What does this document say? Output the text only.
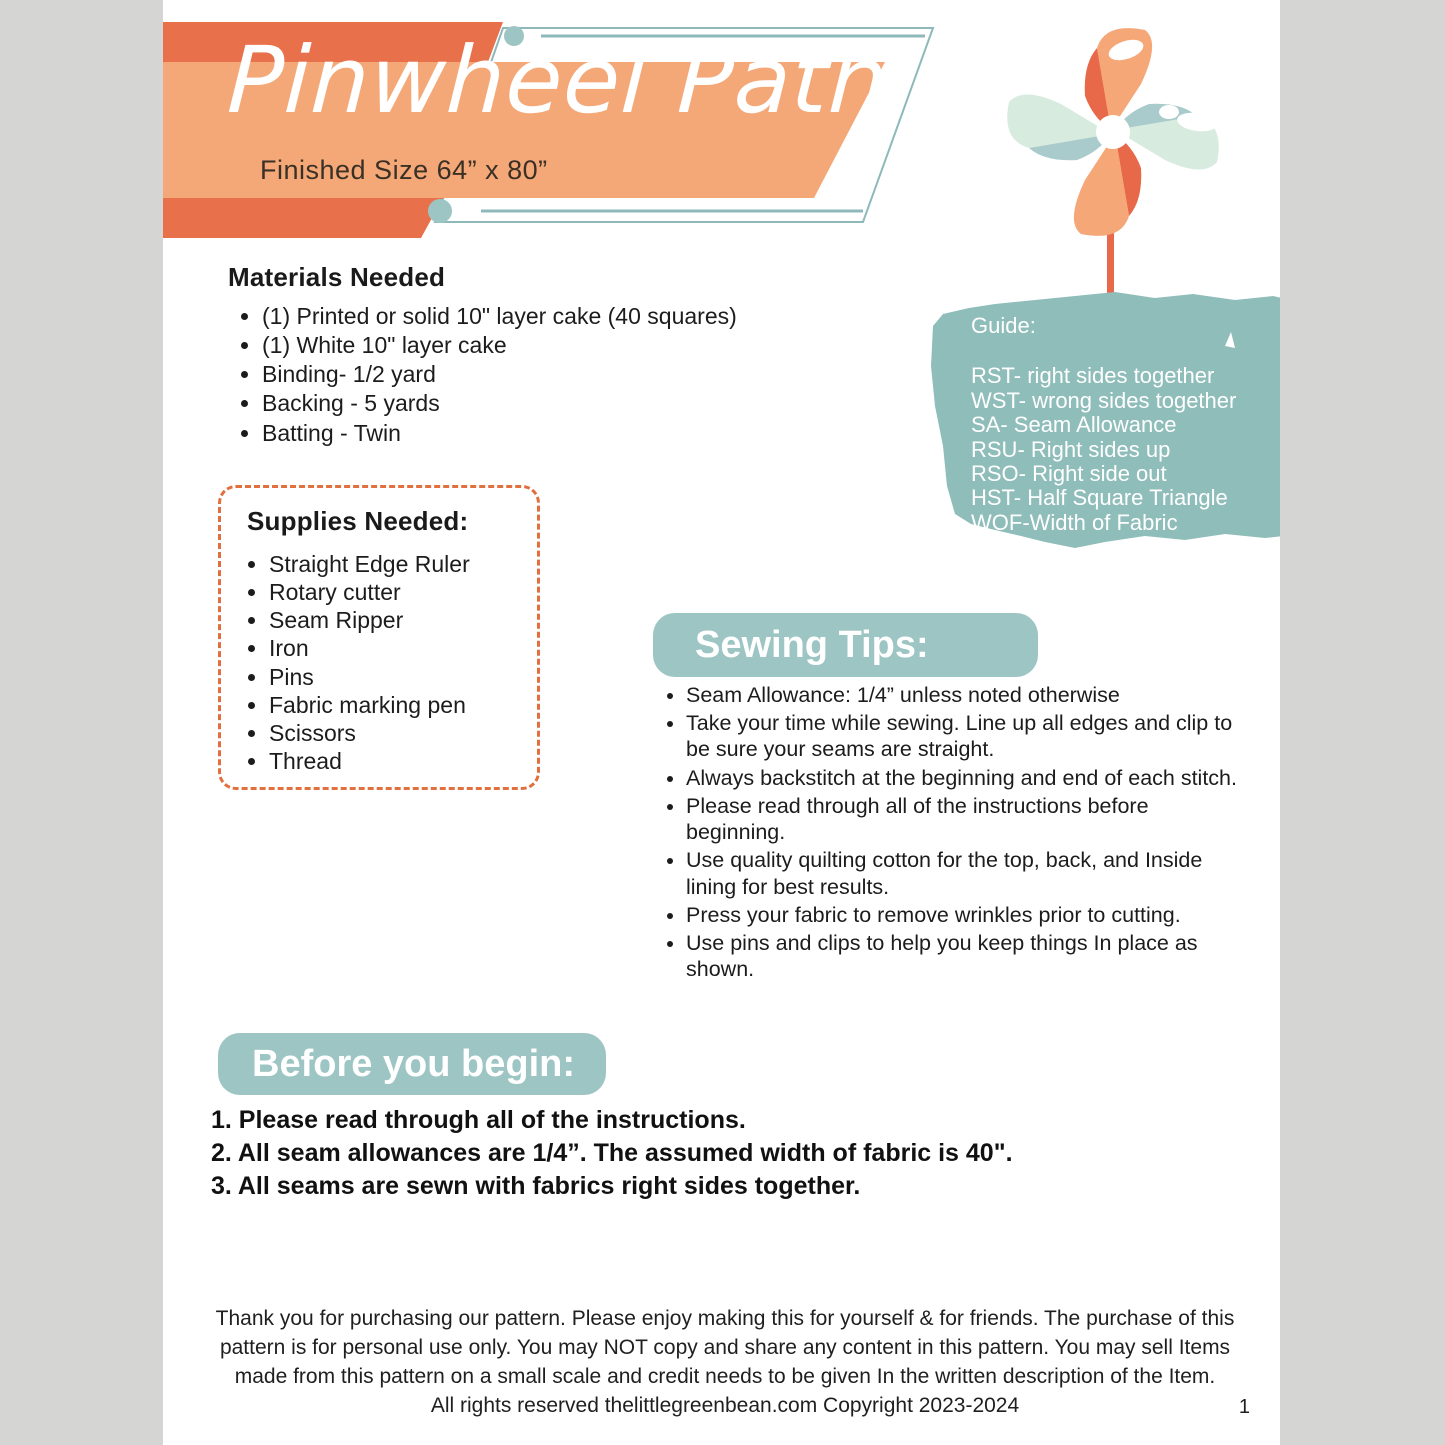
Pinwheel Path
Finished Size 64” x 80”
Materials Needed
• (1) Printed or solid 10" layer cake (40 squares)
• (1) White 10" layer cake
• Binding- 1/2 yard
• Backing - 5 yards
• Batting - Twin
Supplies Needed:
• Straight Edge Ruler
• Rotary cutter
• Seam Ripper
• Iron
• Pins
• Fabric marking pen
• Scissors
• Thread
Guide:
RST- right sides together
WST- wrong sides together
SA- Seam Allowance
RSU- Right sides up
RSO- Right side out
HST- Half Square Triangle
WOF-Width of Fabric
Sewing Tips:
• Seam Allowance: 1/4” unless noted otherwise
• Take your time while sewing. Line up all edges and clip to be sure your seams are straight.
• Always backstitch at the beginning and end of each stitch.
• Please read through all of the instructions before beginning.
• Use quality quilting cotton for the top, back, and Inside lining for best results.
• Press your fabric to remove wrinkles prior to cutting.
• Use pins and clips to help you keep things In place as shown.
Before you begin:
1. Please read through all of the instructions.
2. All seam allowances are 1/4”. The assumed width of fabric is 40".
3. All seams are sewn with fabrics right sides together.
Thank you for purchasing our pattern. Please enjoy making this for yourself & for friends. The purchase of this
pattern is for personal use only. You may NOT copy and share any content in this pattern. You may sell Items
made from this pattern on a small scale and credit needs to be given In the written description of the Item.
All rights reserved thelittlegreenbean.com Copyright 2023-2024	1
